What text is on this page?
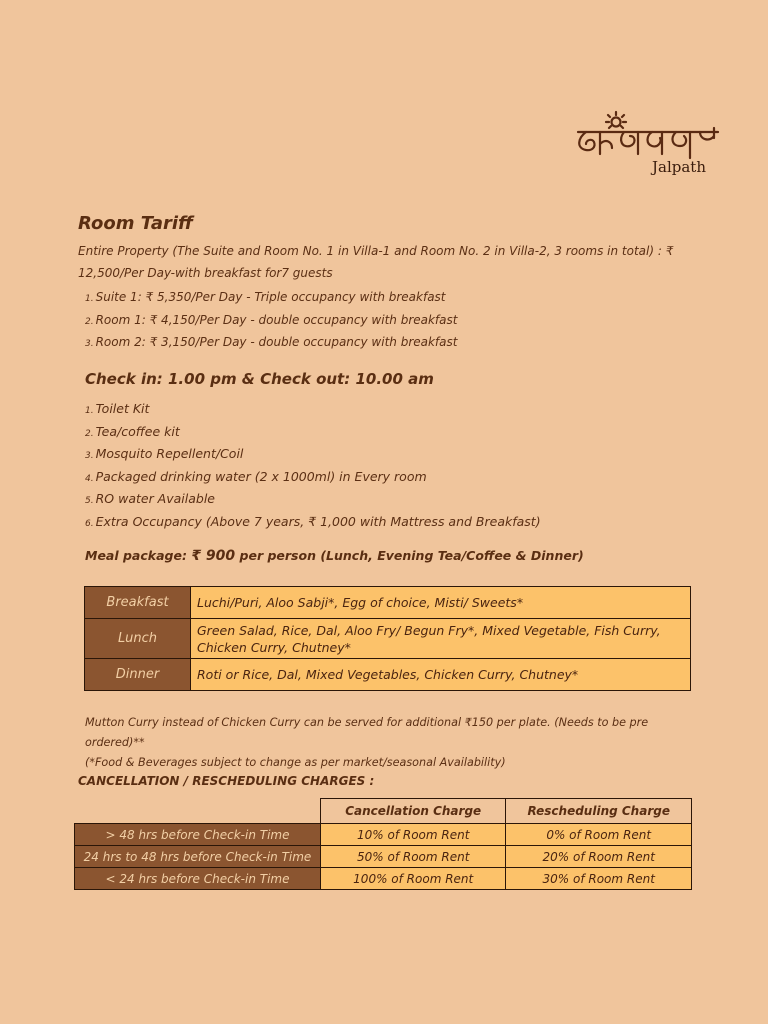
Jalpath
Room Tariff
Entire Property (The Suite and Room No. 1 in Villa-1 and Room No. 2 in Villa-2, 3 rooms in total) : ₹ 12,500/Per Day-with breakfast for7 guests
1. Suite 1: ₹ 5,350/Per Day - Triple occupancy with breakfast
2. Room 1: ₹ 4,150/Per Day - double occupancy with breakfast
3. Room 2: ₹ 3,150/Per Day - double occupancy with breakfast
Check in: 1.00 pm & Check out: 10.00 am
1. Toilet Kit
2. Tea/coffee kit
3. Mosquito Repellent/Coil
4. Packaged drinking water (2 x 1000ml) in Every room
5. RO water Available
6. Extra Occupancy (Above 7 years, ₹ 1,000 with Mattress and Breakfast)
Meal package: ₹ 900 per person (Lunch, Evening Tea/Coffee & Dinner)
Breakfast	Luchi/Puri, Aloo Sabji*, Egg of choice, Misti/ Sweets*
Lunch	Green Salad, Rice, Dal, Aloo Fry/ Begun Fry*, Mixed Vegetable, Fish Curry, Chicken Curry, Chutney*
Dinner	Roti or Rice, Dal, Mixed Vegetables, Chicken Curry, Chutney*
Mutton Curry instead of Chicken Curry can be served for additional ₹150 per plate. (Needs to be pre ordered)**
(*Food & Beverages subject to change as per market/seasonal Availability)
CANCELLATION / RESCHEDULING CHARGES :
	Cancellation Charge	Rescheduling Charge
> 48 hrs before Check-in Time	10% of Room Rent	0% of Room Rent
24 hrs to 48 hrs before Check-in Time	50% of Room Rent	20% of Room Rent
< 24 hrs before Check-in Time	100% of Room Rent	30% of Room Rent
